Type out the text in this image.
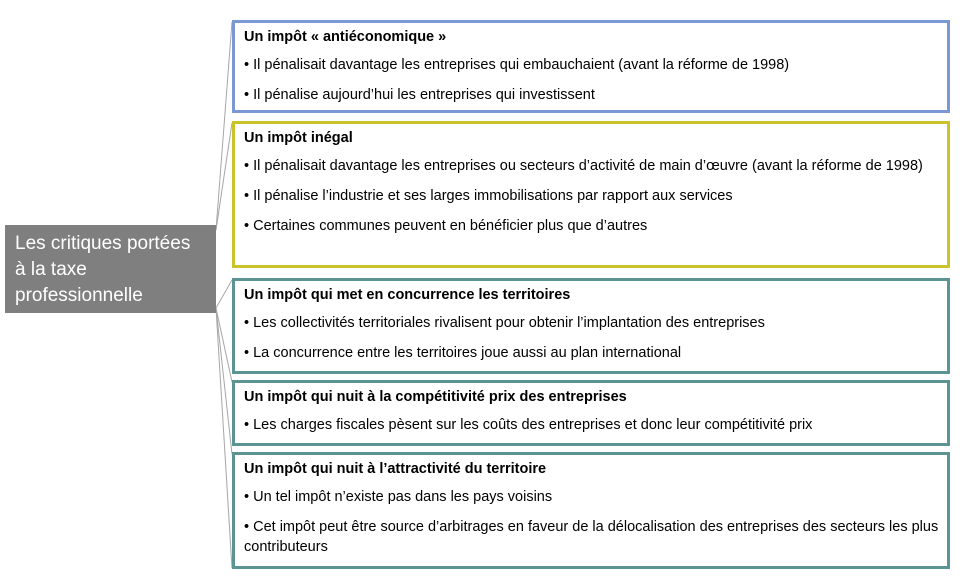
Les critiques portées à la taxe professionnelle
Un impôt « antiéconomique »
• Il pénalisait davantage les entreprises qui embauchaient (avant la réforme de 1998)
• Il pénalise aujourd’hui les entreprises qui investissent
Un impôt inégal
• Il pénalisait davantage les entreprises ou secteurs d’activité de main d’œuvre (avant la réforme de 1998)
• Il pénalise l’industrie et ses larges immobilisations par rapport aux services
• Certaines communes peuvent en bénéficier plus que d’autres
Un impôt qui met en concurrence les territoires
• Les collectivités territoriales rivalisent pour obtenir l’implantation des entreprises
• La concurrence entre les territoires joue aussi au plan international
Un impôt qui nuit à la compétitivité prix des entreprises
• Les charges fiscales pèsent sur les coûts des entreprises et donc leur compétitivité prix
Un impôt qui nuit à l’attractivité du territoire
• Un tel impôt n’existe pas dans les pays voisins
• Cet impôt peut être source d’arbitrages en faveur de la délocalisation des entreprises des secteurs les plus contributeurs
